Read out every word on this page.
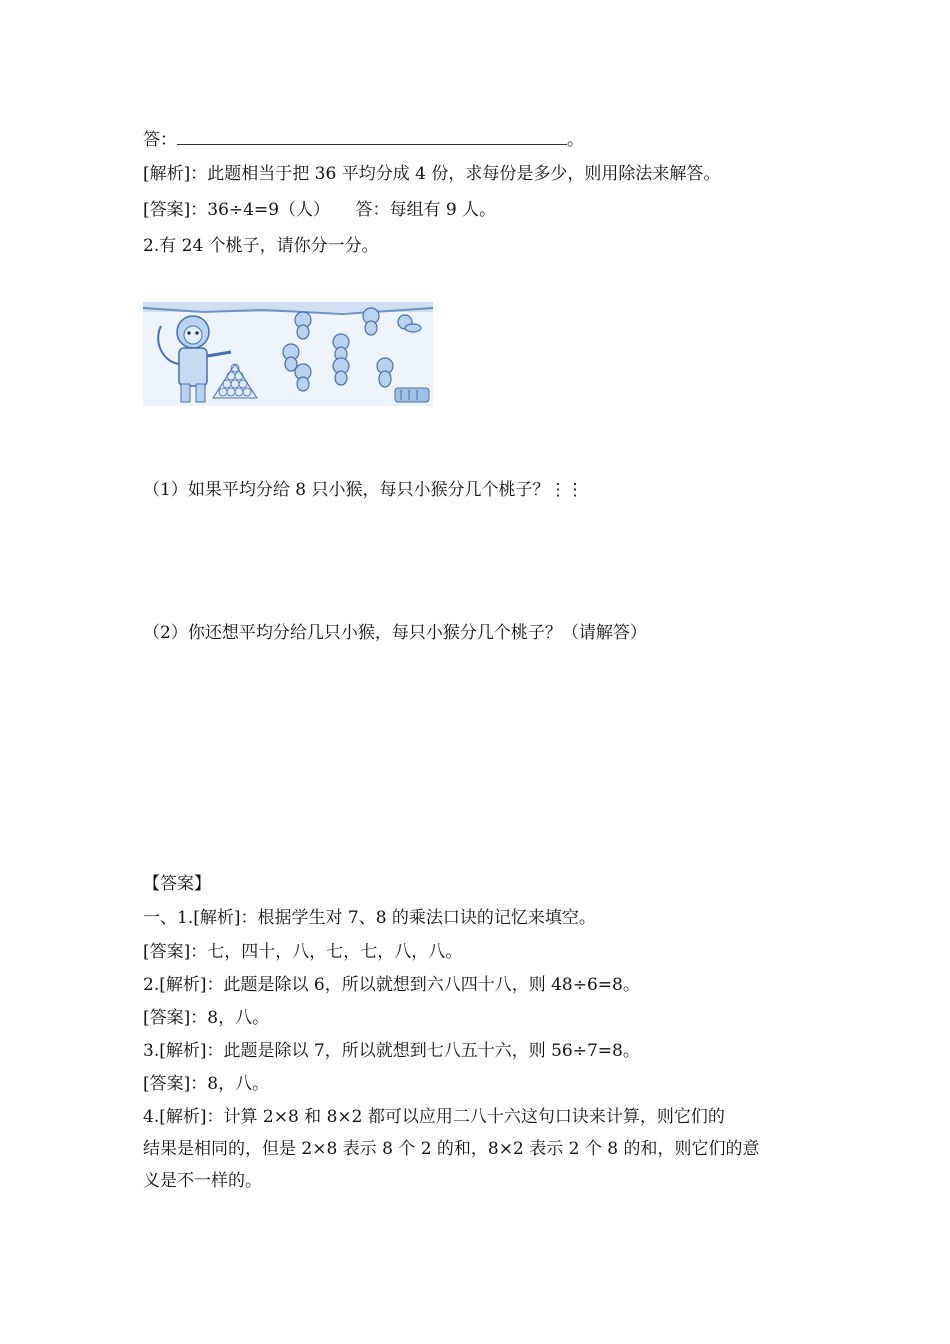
答：	。
[解析]：此题相当于把 36 平均分成 4 份，求每份是多少，则用除法来解答。
[答案]：36÷4=9（人）　　答：每组有 9 人。
2.有 24 个桃子，请你分一分。
（1）如果平均分给 8 只小猴，每只小猴分几个桃子？⋮⋮
（2）你还想平均分给几只小猴，每只小猴分几个桃子？（请解答）
【答案】
一、1.[解析]：根据学生对 7、8 的乘法口诀的记忆来填空。
[答案]：七，四十，八，七，七，八，八。
2.[解析]：此题是除以 6，所以就想到六八四十八，则 48÷6=8。
[答案]：8，八。
3.[解析]：此题是除以 7，所以就想到七八五十六，则 56÷7=8。
[答案]：8，八。
4.[解析]：计算 2×8 和 8×2 都可以应用二八十六这句口诀来计算，则它们的
结果是相同的，但是 2×8 表示 8 个 2 的和，8×2 表示 2 个 8 的和，则它们的意
义是不一样的。
